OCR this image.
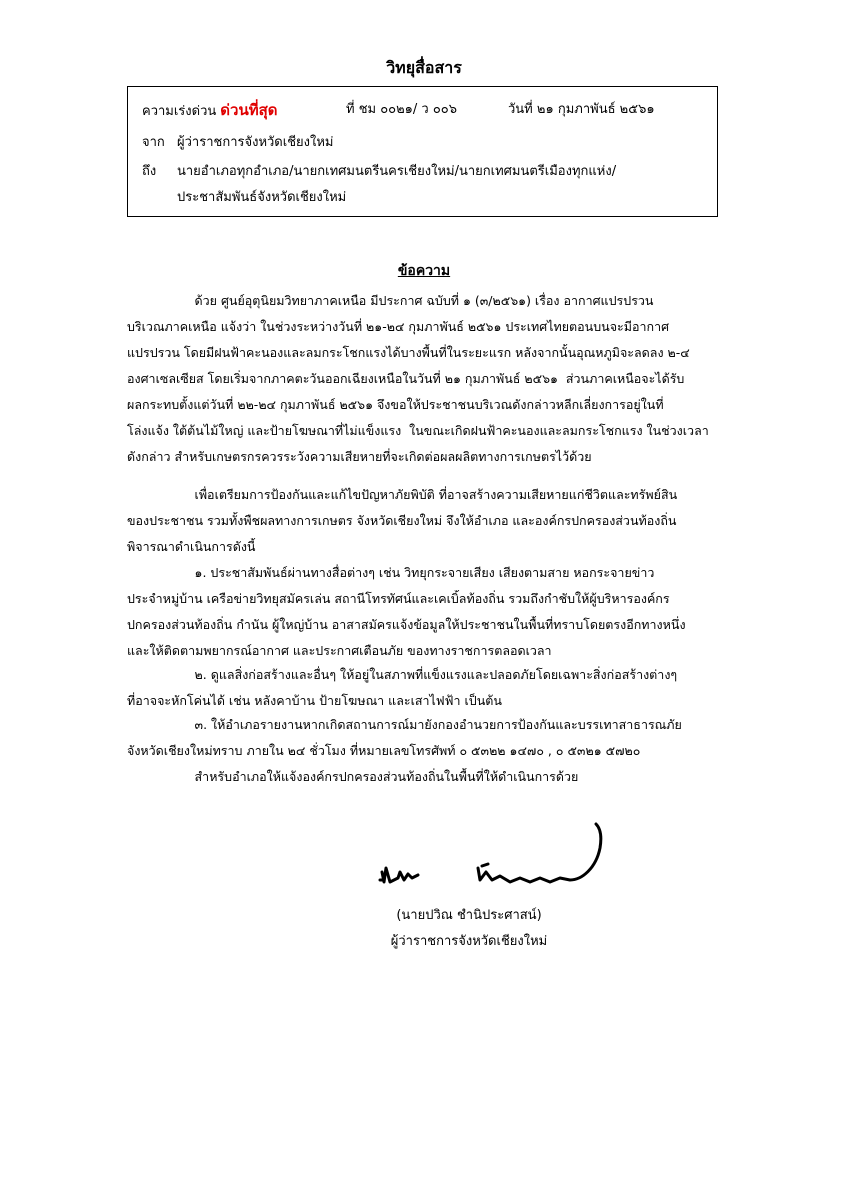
วิทยุสื่อสาร
ความเร่งด่วน ด่วนที่สุด	ที่ ชม ๐๐๒๑/ ว ๐๐๖	วันที่ ๒๑ กุมภาพันธ์ ๒๕๖๑
จาก ผู้ว่าราชการจังหวัดเชียงใหม่
ถึง นายอำเภอทุกอำเภอ/นายกเทศมนตรีนครเชียงใหม่/นายกเทศมนตรีเมืองทุกแห่ง/
ประชาสัมพันธ์จังหวัดเชียงใหม่
ข้อความ
ด้วย ศูนย์อุตุนิยมวิทยาภาคเหนือ มีประกาศ ฉบับที่ ๑ (๓/๒๕๖๑) เรื่อง อากาศแปรปรวน
บริเวณภาคเหนือ แจ้งว่า ในช่วงระหว่างวันที่ ๒๑-๒๔ กุมภาพันธ์ ๒๕๖๑ ประเทศไทยตอนบนจะมีอากาศ
แปรปรวน โดยมีฝนฟ้าคะนองและลมกระโชกแรงได้บางพื้นที่ในระยะแรก หลังจากนั้นอุณหภูมิจะลดลง ๒-๔
องศาเซลเซียส โดยเริ่มจากภาคตะวันออกเฉียงเหนือในวันที่ ๒๑ กุมภาพันธ์ ๒๕๖๑  ส่วนภาคเหนือจะได้รับ
ผลกระทบตั้งแต่วันที่ ๒๒-๒๔ กุมภาพันธ์ ๒๕๖๑ จึงขอให้ประชาชนบริเวณดังกล่าวหลีกเลี่ยงการอยู่ในที่
โล่งแจ้ง ใต้ต้นไม้ใหญ่ และป้ายโฆษณาที่ไม่แข็งแรง  ในขณะเกิดฝนฟ้าคะนองและลมกระโชกแรง ในช่วงเวลา
ดังกล่าว สำหรับเกษตรกรควรระวังความเสียหายที่จะเกิดต่อผลผลิตทางการเกษตรไว้ด้วย
เพื่อเตรียมการป้องกันและแก้ไขปัญหาภัยพิบัติ ที่อาจสร้างความเสียหายแก่ชีวิตและทรัพย์สิน
ของประชาชน รวมทั้งพืชผลทางการเกษตร จังหวัดเชียงใหม่ จึงให้อำเภอ และองค์กรปกครองส่วนท้องถิ่น
พิจารณาดำเนินการดังนี้
๑. ประชาสัมพันธ์ผ่านทางสื่อต่างๆ เช่น วิทยุกระจายเสียง เสียงตามสาย หอกระจายข่าว
ประจำหมู่บ้าน เครือข่ายวิทยุสมัครเล่น สถานีโทรทัศน์และเคเบิ้ลท้องถิ่น รวมถึงกำชับให้ผู้บริหารองค์กร
ปกครองส่วนท้องถิ่น กำนัน ผู้ใหญ่บ้าน อาสาสมัครแจ้งข้อมูลให้ประชาชนในพื้นที่ทราบโดยตรงอีกทางหนึ่ง
และให้ติดตามพยากรณ์อากาศ และประกาศเตือนภัย ของทางราชการตลอดเวลา
๒. ดูแลสิ่งก่อสร้างและอื่นๆ ให้อยู่ในสภาพที่แข็งแรงและปลอดภัยโดยเฉพาะสิ่งก่อสร้างต่างๆ
ที่อาจจะหักโค่นได้ เช่น หลังคาบ้าน ป้ายโฆษณา และเสาไฟฟ้า เป็นต้น
๓. ให้อำเภอรายงานหากเกิดสถานการณ์มายังกองอำนวยการป้องกันและบรรเทาสาธารณภัย
จังหวัดเชียงใหม่ทราบ ภายใน ๒๔ ชั่วโมง ที่หมายเลขโทรศัพท์ ๐ ๕๓๒๒ ๑๔๗๐ , ๐ ๕๓๒๑ ๕๗๒๐
สำหรับอำเภอให้แจ้งองค์กรปกครองส่วนท้องถิ่นในพื้นที่ให้ดำเนินการด้วย
(นายปวิณ ชำนิประศาสน์)
ผู้ว่าราชการจังหวัดเชียงใหม่
